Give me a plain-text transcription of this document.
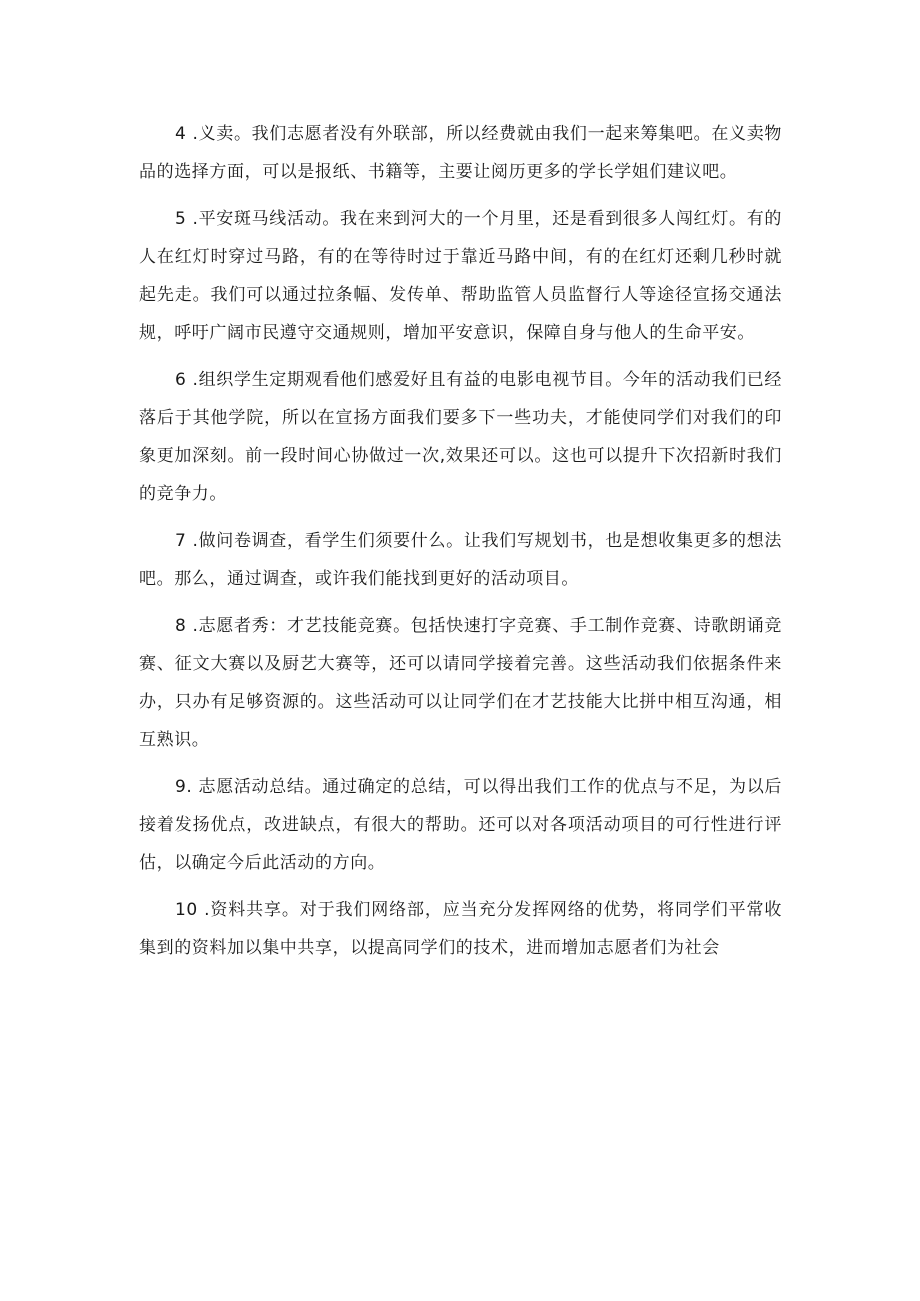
4 .义卖。我们志愿者没有外联部，所以经费就由我们一起来筹集吧。在义卖物品的选择方面，可以是报纸、书籍等，主要让阅历更多的学长学姐们建议吧。

5 .平安斑马线活动。我在来到河大的一个月里，还是看到很多人闯红灯。有的人在红灯时穿过马路，有的在等待时过于靠近马路中间，有的在红灯还剩几秒时就起先走。我们可以通过拉条幅、发传单、帮助监管人员监督行人等途径宣扬交通法规，呼吁广阔市民遵守交通规则，增加平安意识，保障自身与他人的生命平安。

6 .组织学生定期观看他们感爱好且有益的电影电视节目。今年的活动我们已经落后于其他学院，所以在宣扬方面我们要多下一些功夫，才能使同学们对我们的印象更加深刻。前一段时间心协做过一次,效果还可以。这也可以提升下次招新时我们的竞争力。

7 .做问卷调查，看学生们须要什么。让我们写规划书，也是想收集更多的想法吧。那么，通过调查，或许我们能找到更好的活动项目。

8 .志愿者秀：才艺技能竞赛。包括快速打字竞赛、手工制作竞赛、诗歌朗诵竞赛、征文大赛以及厨艺大赛等，还可以请同学接着完善。这些活动我们依据条件来办，只办有足够资源的。这些活动可以让同学们在才艺技能大比拼中相互沟通，相互熟识。

9. 志愿活动总结。通过确定的总结，可以得出我们工作的优点与不足，为以后接着发扬优点，改进缺点，有很大的帮助。还可以对各项活动项目的可行性进行评估，以确定今后此活动的方向。

10 .资料共享。对于我们网络部，应当充分发挥网络的优势，将同学们平常收集到的资料加以集中共享，以提高同学们的技术，进而增加志愿者们为社会
